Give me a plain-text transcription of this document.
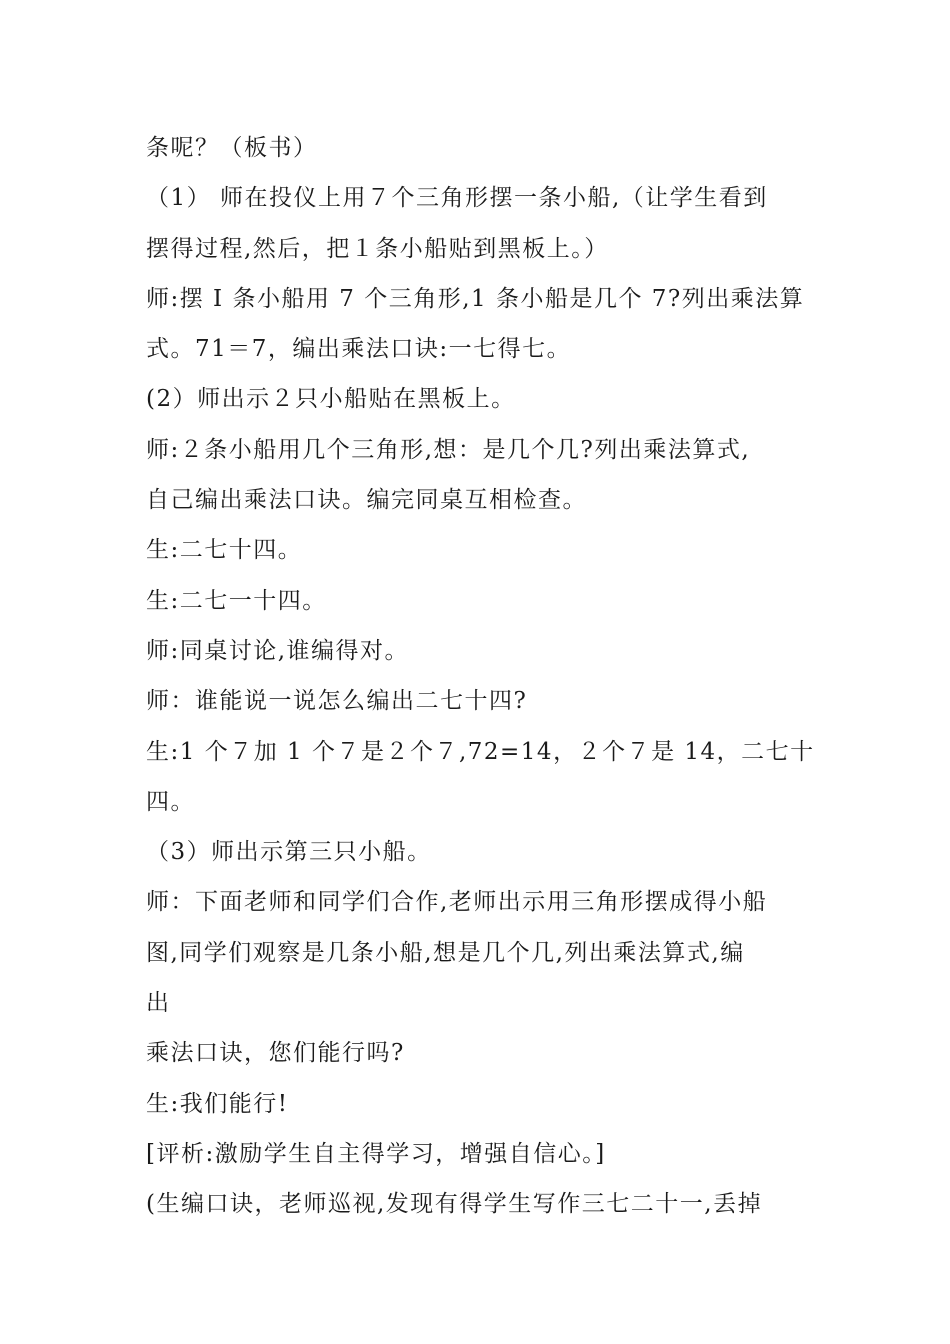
条呢？（板书）
（1） 师在投仪上用７个三角形摆一条小船,（让学生看到
摆得过程,然后，把１条小船贴到黑板上。）
师:摆 I 条小船用 7 个三角形,1 条小船是几个 7?列出乘法算
式。71＝7，编出乘法口诀:一七得七。
(2）师出示２只小船贴在黑板上。
师:２条小船用几个三角形,想：是几个几?列出乘法算式,
自己编出乘法口诀。编完同桌互相检查。
生:二七十四。
生:二七一十四。
师:同桌讨论,谁编得对。
师：谁能说一说怎么编出二七十四?
生:1 个７加 1 个７是２个７,72=14，２个７是 14，二七十
四。
（3）师出示第三只小船。
师：下面老师和同学们合作,老师出示用三角形摆成得小船
图,同学们观察是几条小船,想是几个几,列出乘法算式,编
出
乘法口诀，您们能行吗?
生:我们能行!
[评析:激励学生自主得学习，增强自信心。]
(生编口诀，老师巡视,发现有得学生写作三七二十一,丢掉
